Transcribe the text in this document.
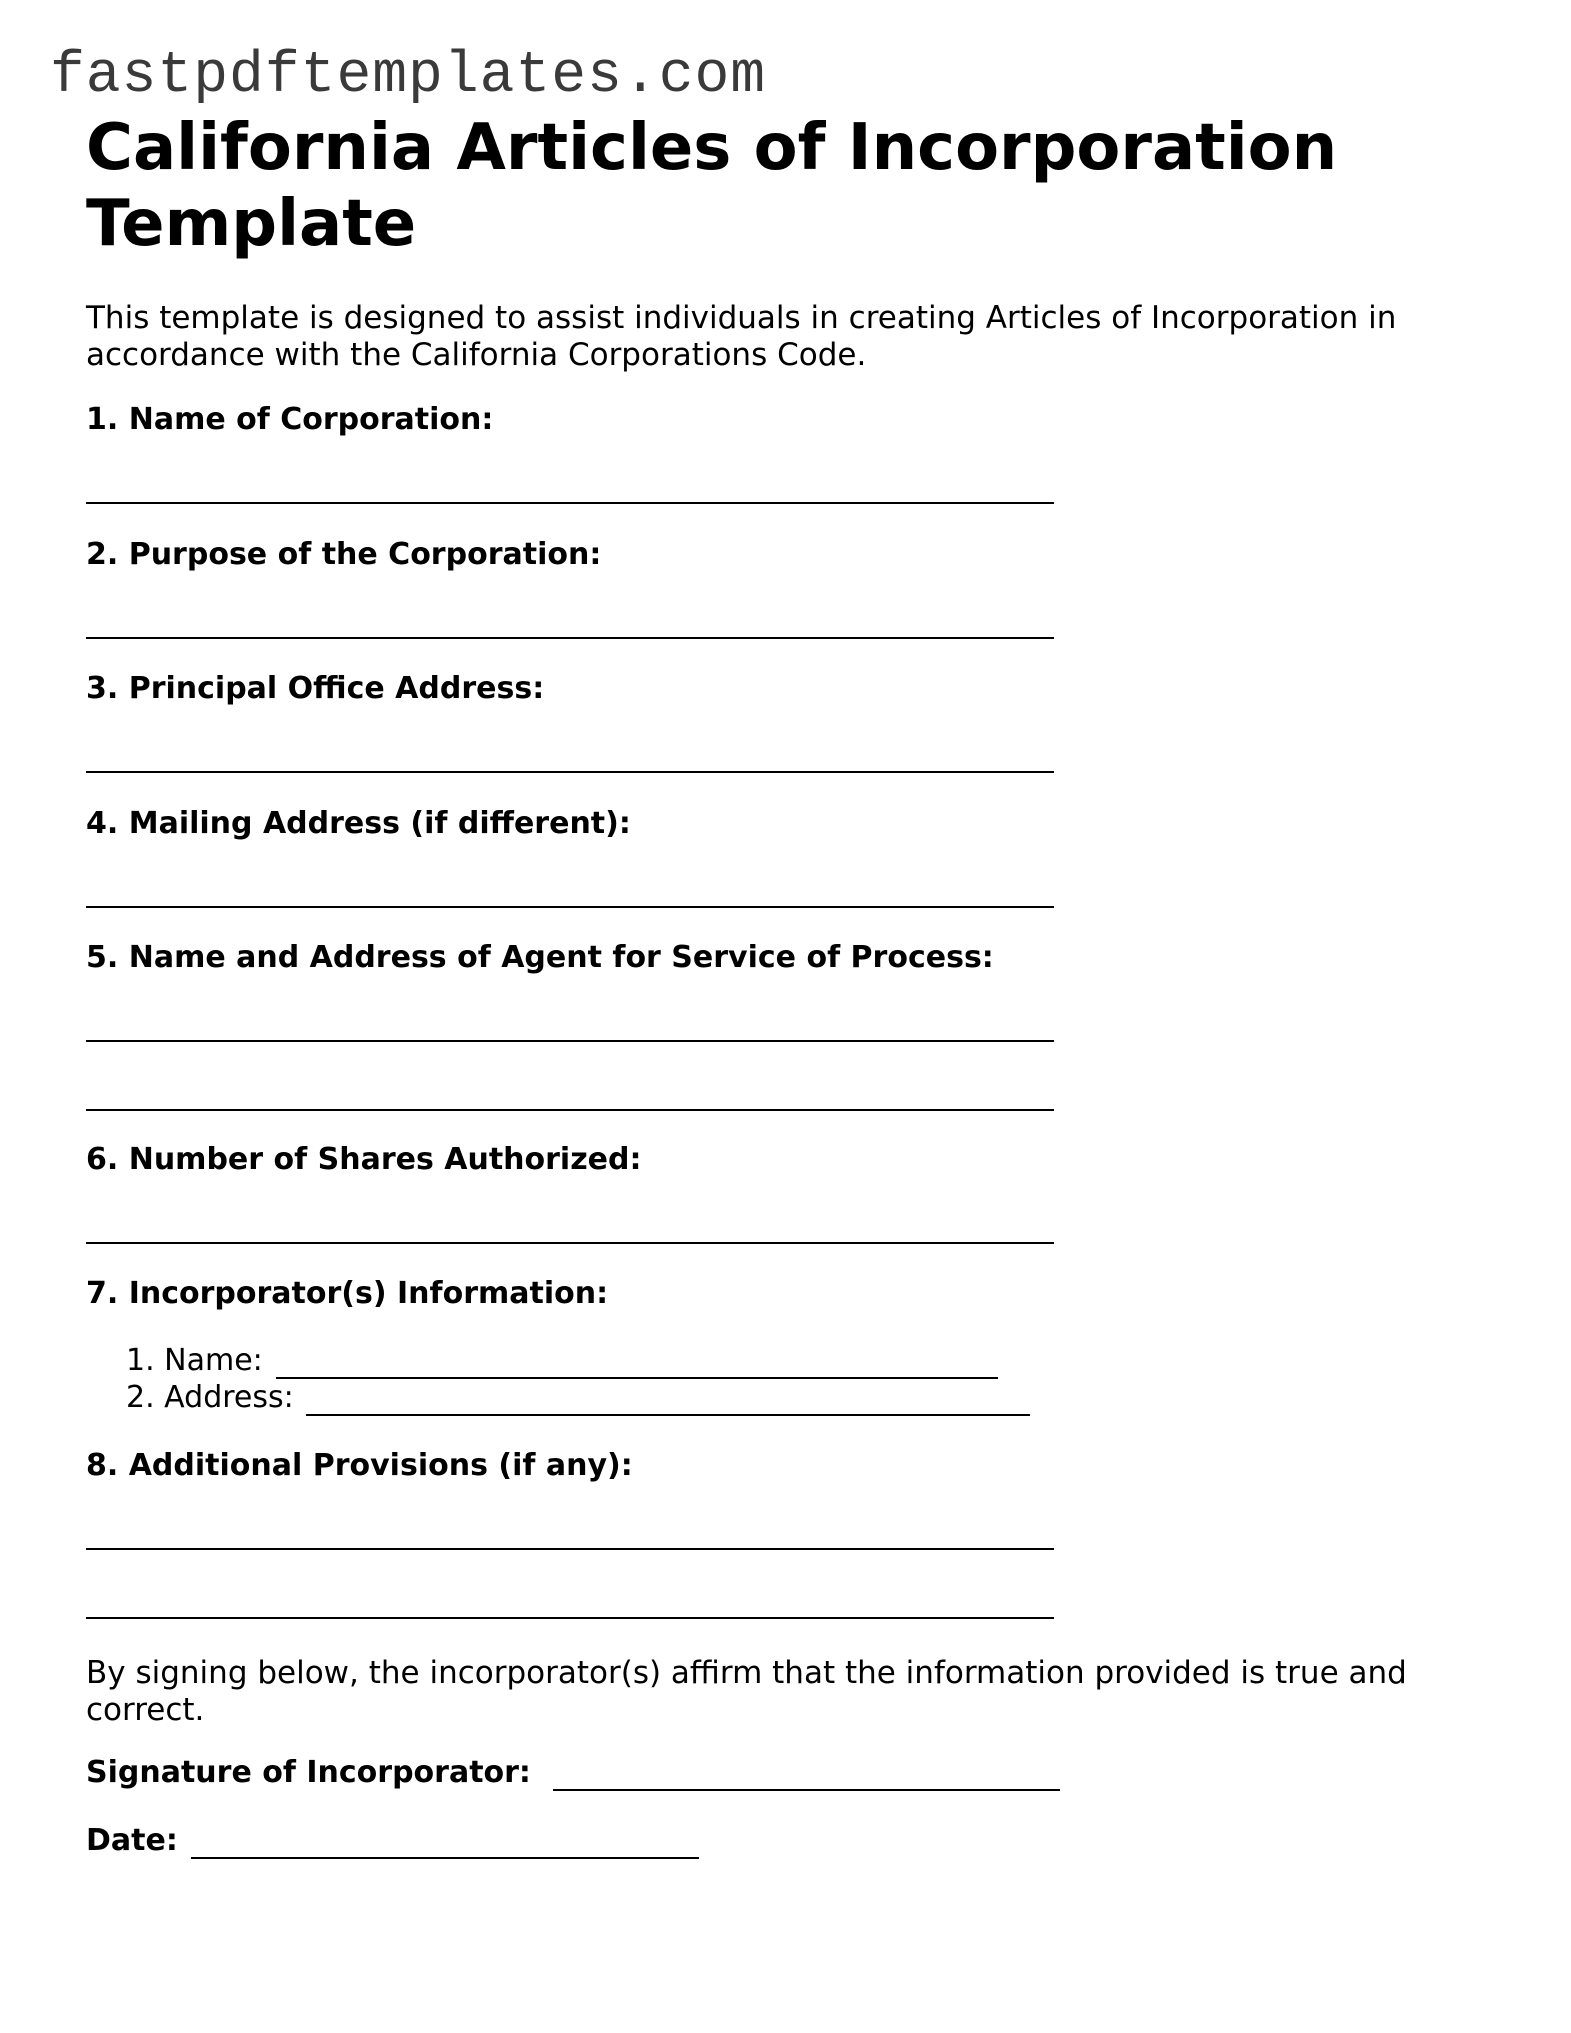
fastpdftemplates.com
California Articles of Incorporation Template

This template is designed to assist individuals in creating Articles of Incorporation in accordance with the California Corporations Code.

1. Name of Corporation:
2. Purpose of the Corporation:
3. Principal Office Address:
4. Mailing Address (if different):
5. Name and Address of Agent for Service of Process:
6. Number of Shares Authorized:
7. Incorporator(s) Information:
1. Name:
2. Address:
8. Additional Provisions (if any):

By signing below, the incorporator(s) affirm that the information provided is true and correct.

Signature of Incorporator:
Date:
